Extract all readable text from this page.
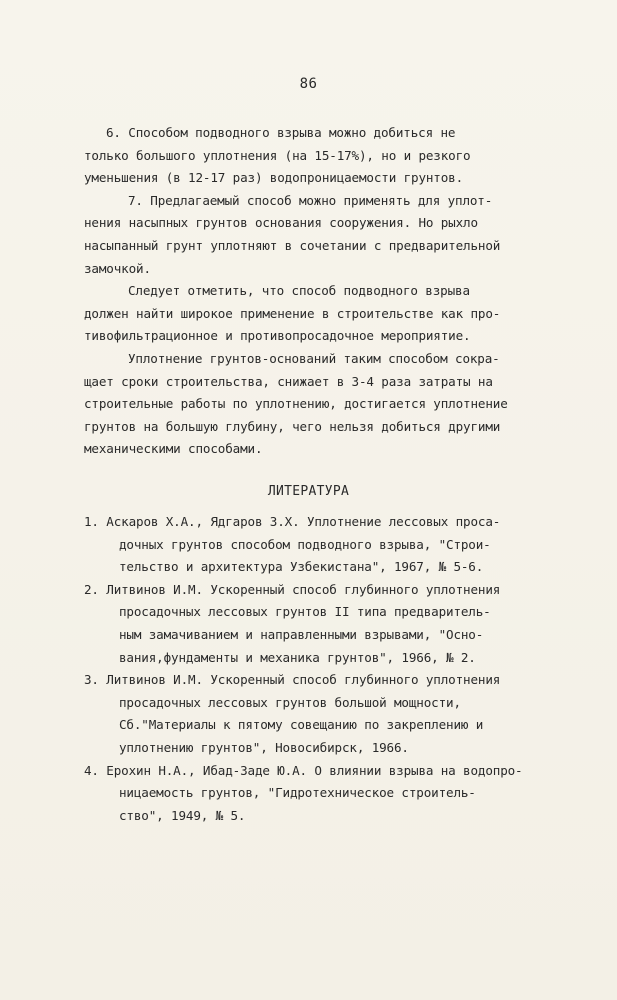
86
6. Способом подводного взрыва можно добиться не
только большого уплотнения (на 15-17%), но и резкого
уменьшения (в 12-17 раз) водопроницаемости грунтов.
7. Предлагаемый способ можно применять для уплот-
нения насыпных грунтов основания сооружения. Но рыхло
насыпанный грунт уплотняют в сочетании с предварительной
замочкой.
Следует отметить, что способ подводного взрыва
должен найти широкое применение в строительстве как про-
тивофильтрационное и противопросадочное мероприятие.
Уплотнение грунтов-оснований таким способом сокра-
щает сроки строительства, снижает в 3-4 раза затраты на
строительные работы по уплотнению, достигается уплотнение
грунтов на большую глубину, чего нельзя добиться другими
механическими способами.
ЛИТЕРАТУРА
1. Аскаров Х.А., Ядгаров З.Х. Уплотнение лессовых проса-
дочных грунтов способом подводного взрыва, "Строи-
тельство и архитектура Узбекистана", 1967, № 5-6.
2. Литвинов И.М. Ускоренный способ глубинного уплотнения
просадочных лессовых грунтов II типа предваритель-
ным замачиванием и направленными взрывами, "Осно-
вания,фундаменты и механика грунтов", 1966, № 2.
3. Литвинов И.М. Ускоренный способ глубинного уплотнения
просадочных лессовых грунтов большой мощности,
Сб."Материалы к пятому совещанию по закреплению и
уплотнению грунтов", Новосибирск, 1966.
4. Ерохин Н.А., Ибад-Заде Ю.А. О влиянии взрыва на водопро-
ницаемость грунтов, "Гидротехническое строитель-
ство", 1949, № 5.
